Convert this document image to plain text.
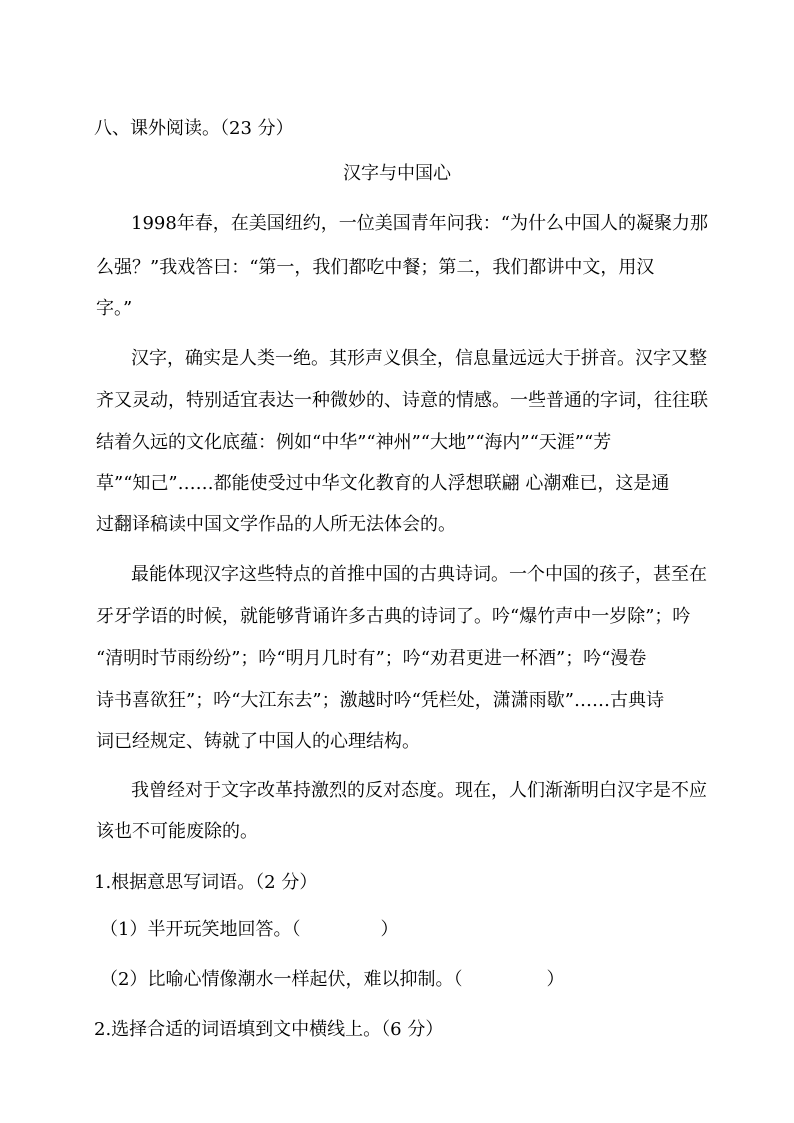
八、课外阅读。（23 分）
汉字与中国心
1998年春，在美国纽约，一位美国青年问我：“为什么中国人的凝聚力那
么强？”我戏答曰：“第一，我们都吃中餐；第二，我们都讲中文，用汉
字。”
汉字，确实是人类一绝。其形声义俱全，信息量远远大于拼音。汉字又整
齐又灵动，特别适宜表达一种微妙的、诗意的情感。一些普通的字词，往往联
结着久远的文化底蕴：例如“中华”“神州”“大地”“海内”“天涯”“芳
草”“知己”……都能使受过中华文化教育的人浮想联翩 心潮难已，这是通
过翻译稿读中国文学作品的人所无法体会的。
最能体现汉字这些特点的首推中国的古典诗词。一个中国的孩子，甚至在
牙牙学语的时候，就能够背诵许多古典的诗词了。吟“爆竹声中一岁除”；吟
“清明时节雨纷纷”；吟“明月几时有”；吟“劝君更进一杯酒”；吟“漫卷
诗书喜欲狂”；吟“大江东去”；激越时吟“凭栏处，潇潇雨歇”……古典诗
词已经规定、铸就了中国人的心理结构。
我曾经对于文字改革持激烈的反对态度。现在，人们渐渐明白汉字是不应
该也不可能废除的。
1.根据意思写词语。（2 分）
（1）半开玩笑地回答。（	）
（2）比喻心情像潮水一样起伏，难以抑制。（	）
2.选择合适的词语填到文中横线上。（6 分）
